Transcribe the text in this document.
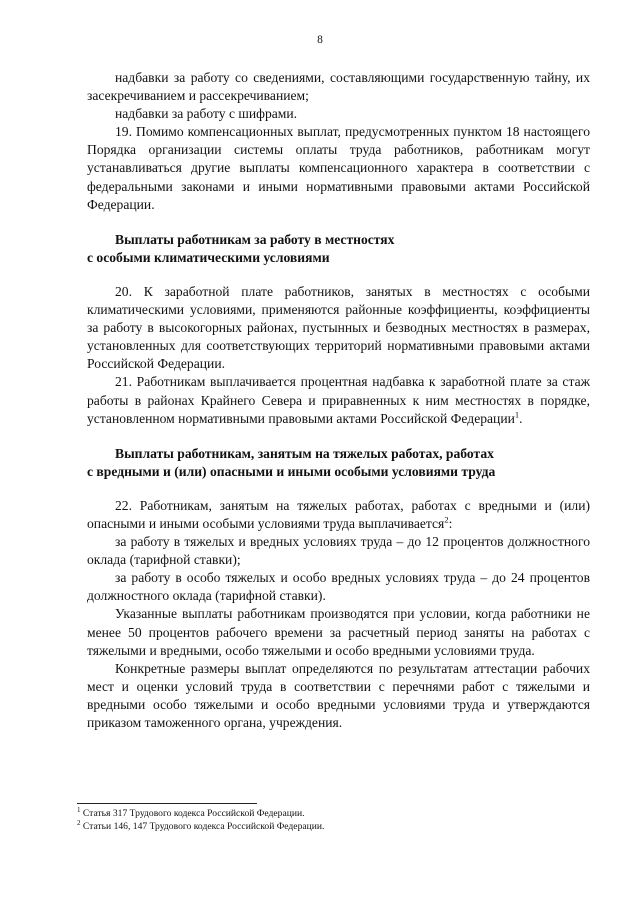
8

надбавки за работу со сведениями, составляющими государственную тайну, их засекречиванием и рассекречиванием;

надбавки за работу с шифрами.

19. Помимо компенсационных выплат, предусмотренных пунктом 18 настоящего Порядка организации системы оплаты труда работников, работникам могут устанавливаться другие выплаты компенсационного характера в соответствии с федеральными законами и иными нормативными правовыми актами Российской Федерации.

Выплаты работникам за работу в местностях
с особыми климатическими условиями

20. К заработной плате работников, занятых в местностях с особыми климатическими условиями, применяются районные коэффициенты, коэффициенты за работу в высокогорных районах, пустынных и безводных местностях в размерах, установленных для соответствующих территорий нормативными правовыми актами Российской Федерации.

21. Работникам выплачивается процентная надбавка к заработной плате за стаж работы в районах Крайнего Севера и приравненных к ним местностях в порядке, установленном нормативными правовыми актами Российской Федерации$^1$.

Выплаты работникам, занятым на тяжелых работах, работах
с вредными и (или) опасными и иными особыми условиями труда

22. Работникам, занятым на тяжелых работах, работах с вредными и (или) опасными и иными особыми условиями труда выплачивается$^2$:

за работу в тяжелых и вредных условиях труда – до 12 процентов должностного оклада (тарифной ставки);

за работу в особо тяжелых и особо вредных условиях труда – до 24 процентов должностного оклада (тарифной ставки).

Указанные выплаты работникам производятся при условии, когда работники не менее 50 процентов рабочего времени за расчетный период заняты на работах с тяжелыми и вредными, особо тяжелыми и особо вредными условиями труда.

Конкретные размеры выплат определяются по результатам аттестации рабочих мест и оценки условий труда в соответствии с перечнями работ с тяжелыми и вредными особо тяжелыми и особо вредными условиями труда и утверждаются приказом таможенного органа, учреждения.

$^1$ Статья 317 Трудового кодекса Российской Федерации.

$^2$ Статьи 146, 147 Трудового кодекса Российской Федерации.
